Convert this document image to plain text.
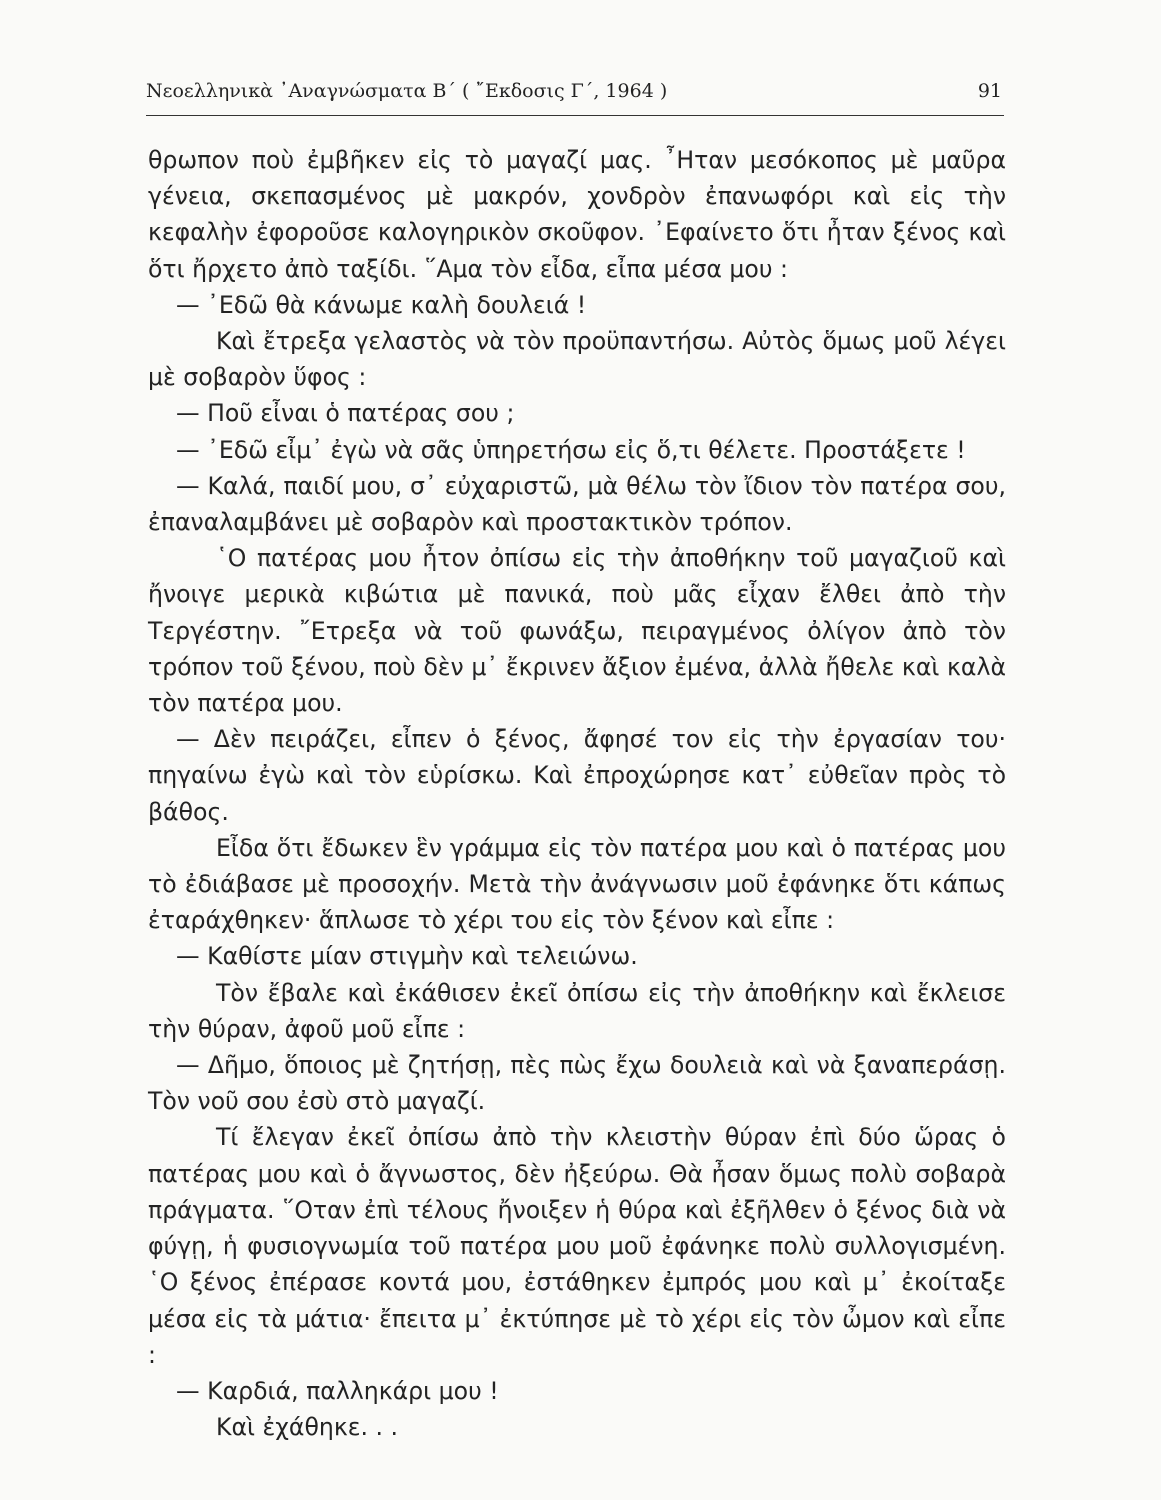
Νεοελληνικὰ ᾿Αναγνώσματα Β΄ ( ῎Εκδοσις Γ΄, 1964 )	91

θρωπον ποὺ ἐμβῆκεν εἰς τὸ μαγαζί μας. ῏Ηταν μεσόκοπος μὲ μαῦρα γένεια, σκεπασμένος μὲ μακρόν, χονδρὸν ἐπανωφόρι καὶ εἰς τὴν κεφαλὴν ἐφοροῦσε καλογηρικὸν σκοῦφον. ᾿Εφαίνετο ὅτι ἦταν ξένος καὶ ὅτι ἤρχετο ἀπὸ ταξίδι. ῞Αμα τὸν εἶδα, εἶπα μέσα μου :

— ᾿Εδῶ θὰ κάνωμε καλὴ δουλειά !

Καὶ ἔτρεξα γελαστὸς νὰ τὸν προϋπαντήσω. Αὐτὸς ὅμως μοῦ λέγει μὲ σοβαρὸν ὕφος :

— Ποῦ εἶναι ὁ πατέρας σου ;

— ᾿Εδῶ εἶμ᾿ ἐγὼ νὰ σᾶς ὑπηρετήσω εἰς ὅ,τι θέλετε. Προστάξετε !

— Καλά, παιδί μου, σ᾿ εὐχαριστῶ, μὰ θέλω τὸν ἴδιον τὸν πατέρα σου, ἐπαναλαμβάνει μὲ σοβαρὸν καὶ προστακτικὸν τρόπον.

῾Ο πατέρας μου ἦτον ὀπίσω εἰς τὴν ἀποθήκην τοῦ μαγαζιοῦ καὶ ἤνοιγε μερικὰ κιβώτια μὲ πανικά, ποὺ μᾶς εἶχαν ἔλθει ἀπὸ τὴν Τεργέστην. ῎Ετρεξα νὰ τοῦ φωνάξω, πειραγμένος ὀλίγον ἀπὸ τὸν τρόπον τοῦ ξένου, ποὺ δὲν μ᾿ ἔκρινεν ἄξιον ἐμένα, ἀλλὰ ἤθελε καὶ καλὰ τὸν πατέρα μου.

— Δὲν πειράζει, εἶπεν ὁ ξένος, ἄφησέ τον εἰς τὴν ἐργασίαν του· πηγαίνω ἐγὼ καὶ τὸν εὑρίσκω. Καὶ ἐπροχώρησε κατ᾿ εὐθεῖαν πρὸς τὸ βάθος.

Εἶδα ὅτι ἔδωκεν ἓν γράμμα εἰς τὸν πατέρα μου καὶ ὁ πατέρας μου τὸ ἐδιάβασε μὲ προσοχήν. Μετὰ τὴν ἀνάγνωσιν μοῦ ἐφάνηκε ὅτι κάπως ἐταράχθηκεν· ἅπλωσε τὸ χέρι του εἰς τὸν ξένον καὶ εἶπε :

— Καθίστε μίαν στιγμὴν καὶ τελειώνω.

Τὸν ἔβαλε καὶ ἐκάθισεν ἐκεῖ ὀπίσω εἰς τὴν ἀποθήκην καὶ ἔκλεισε τὴν θύραν, ἀφοῦ μοῦ εἶπε :

— Δῆμο, ὅποιος μὲ ζητήσῃ, πὲς πὼς ἔχω δουλειὰ καὶ νὰ ξαναπεράσῃ. Τὸν νοῦ σου ἐσὺ στὸ μαγαζί.

Τί ἔλεγαν ἐκεῖ ὀπίσω ἀπὸ τὴν κλειστὴν θύραν ἐπὶ δύο ὥρας ὁ πατέρας μου καὶ ὁ ἄγνωστος, δὲν ἠξεύρω. Θὰ ἦσαν ὅμως πολὺ σοβαρὰ πράγματα. ῞Οταν ἐπὶ τέλους ἤνοιξεν ἡ θύρα καὶ ἐξῆλθεν ὁ ξένος διὰ νὰ φύγῃ, ἡ φυσιογνωμία τοῦ πατέρα μου μοῦ ἐφάνηκε πολὺ συλλογισμένη. ῾Ο ξένος ἐπέρασε κοντά μου, ἐστάθηκεν ἐμπρός μου καὶ μ᾿ ἐκοίταξε μέσα εἰς τὰ μάτια· ἔπειτα μ᾿ ἐκτύπησε μὲ τὸ χέρι εἰς τὸν ὦμον καὶ εἶπε :

— Καρδιά, παλληκάρι μου !

Καὶ ἐχάθηκε. . .
